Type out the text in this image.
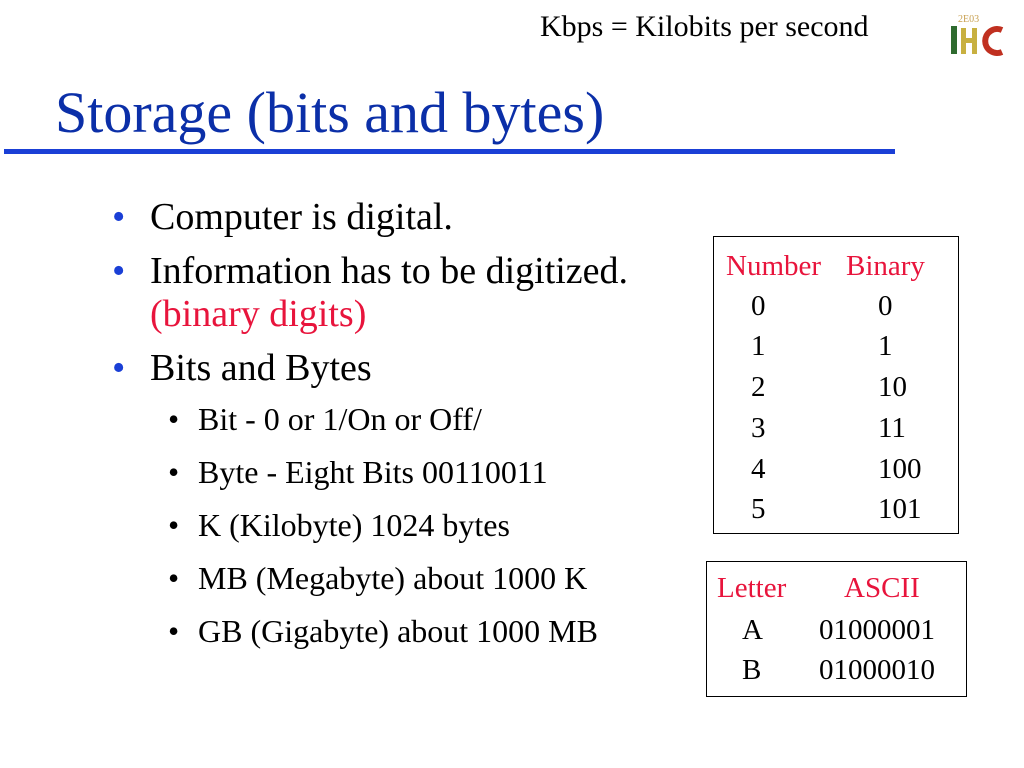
Kbps = Kilobits per second	2E03
Storage (bits and bytes)
• Computer is digital.
• Information has to be digitized. (binary digits)
• Bits and Bytes
• Bit - 0 or 1/On or Off/
• Byte - Eight Bits 00110011
• K (Kilobyte) 1024 bytes
• MB (Megabyte) about 1000 K
• GB (Gigabyte) about 1000 MB
Number Binary
0	0
1	1
2	10
3	11
4	100
5	101
Letter ASCII
A 01000001
B 01000010
